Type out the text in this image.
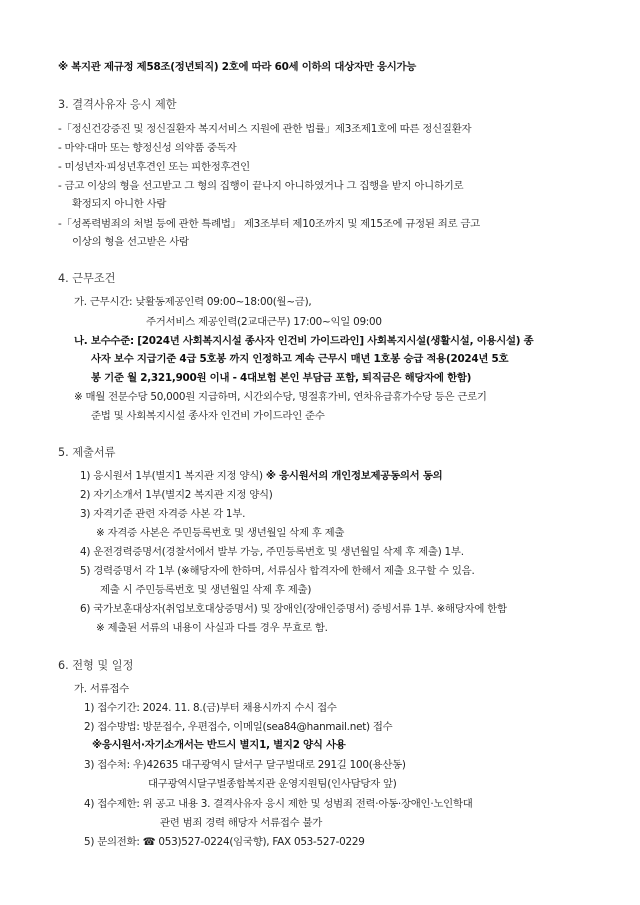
※ 복지관 제규정 제58조(정년퇴직) 2호에 따라 60세 이하의 대상자만 응시가능
3. 결격사유자 응시 제한
-「정신건강증진 및 정신질환자 복지서비스 지원에 관한 법률」제3조제1호에 따른 정신질환자
- 마약·대마 또는 향정신성 의약품 중독자
- 미성년자·피성년후견인 또는 피한정후견인
- 금고 이상의 형을 선고받고 그 형의 집행이 끝나지 아니하였거나 그 집행을 받지 아니하기로
확정되지 아니한 사람
-「성폭력범죄의 처벌 등에 관한 특례법」 제3조부터 제10조까지 및 제15조에 규정된 죄로 금고
이상의 형을 선고받은 사람
4. 근무조건
가. 근무시간: 낮활동제공인력 09:00~18:00(월~금),
주거서비스 제공인력(2교대근무) 17:00~익일 09:00
나. 보수수준: [2024년 사회복지시설 종사자 인건비 가이드라인] 사회복지시설(생활시설, 이용시설) 종
사자 보수 지급기준 4급 5호봉 까지 인정하고 계속 근무시 매년 1호봉 승급 적용(2024년 5호
봉 기준 월 2,321,900원 이내 - 4대보험 본인 부담금 포함, 퇴직금은 해당자에 한함)
※ 매월 전문수당 50,000원 지급하며, 시간외수당, 명절휴가비, 연차유급휴가수당 등은 근로기
준법 및 사회복지시설 종사자 인건비 가이드라인 준수
5. 제출서류
1) 응시원서 1부(별지1 복지관 지정 양식) ※ 응시원서의 개인정보제공동의서 동의
2) 자기소개서 1부(별지2 복지관 지정 양식)
3) 자격기준 관련 자격증 사본 각 1부.
※ 자격증 사본은 주민등록번호 및 생년월일 삭제 후 제출
4) 운전경력증명서(경찰서에서 발부 가능, 주민등록번호 및 생년월일 삭제 후 제출) 1부.
5) 경력증명서 각 1부 (※해당자에 한하며, 서류심사 합격자에 한해서 제출 요구할 수 있음.
제출 시 주민등록번호 및 생년월일 삭제 후 제출)
6) 국가보훈대상자(취업보호대상증명서) 및 장애인(장애인증명서) 증빙서류 1부. ※해당자에 한함
※ 제출된 서류의 내용이 사실과 다를 경우 무효로 함.
6. 전형 및 일정
가. 서류접수
1) 접수기간: 2024. 11. 8.(금)부터 채용시까지 수시 접수
2) 접수방법: 방문접수, 우편접수, 이메일(sea84@hanmail.net) 접수
※응시원서·자기소개서는 반드시 별지1, 별지2 양식 사용
3) 접수처: 우)42635 대구광역시 달서구 달구벌대로 291길 100(용산동)
대구광역시달구벌종합복지관 운영지원팀(인사담당자 앞)
4) 접수제한: 위 공고 내용 3. 결격사유자 응시 제한 및 성범죄 전력·아동·장애인·노인학대
관련 범죄 경력 해당자 서류접수 불가
5) 문의전화: ☎ 053)527-0224(임국향), FAX 053-527-0229
